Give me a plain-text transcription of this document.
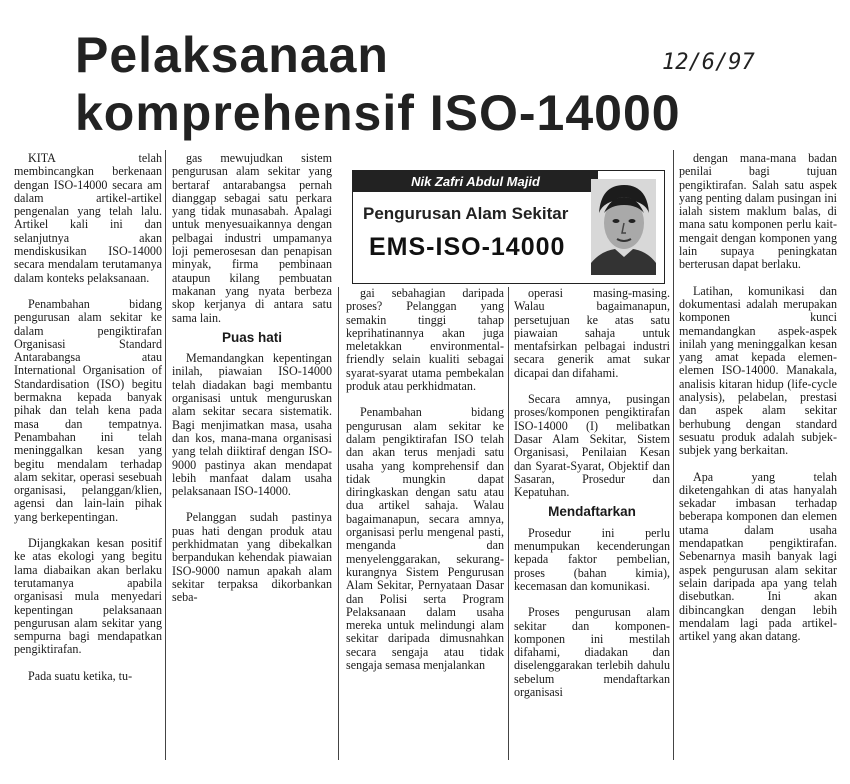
Pelaksanaan
komprehensif ISO-14000
12/6/97
Nik Zafri Abdul Majid
Pengurusan Alam Sekitar
EMS-ISO-14000

KITA telah membincangkan berkenaan dengan ISO-14000 secara am dalam artikel-artikel pengenalan yang telah lalu. Artikel kali ini dan selanjutnya akan mendiskusikan ISO-14000 secara mendalam terutamanya dalam konteks pelaksanaan.

Penambahan bidang pengurusan alam sekitar ke dalam pengiktirafan Organisasi Standard Antarabangsa atau International Organisation of Standardisation (ISO) begitu bermakna kepada banyak pihak dan telah kena pada masa dan tempatnya. Penambahan ini telah meninggalkan kesan yang begitu mendalam terhadap alam sekitar, operasi sesebuah organisasi, pelanggan/klien, agensi dan lain-lain pihak yang berkepentingan.

Dijangkakan kesan positif ke atas ekologi yang begitu lama diabaikan akan berlaku terutamanya apabila organisasi mula menyedari kepentingan pelaksanaan pengurusan alam sekitar yang sempurna bagi mendapatkan pengiktirafan.

Pada suatu ketika, tu-

gas mewujudkan sistem pengurusan alam sekitar yang bertaraf antarabangsa pernah dianggap sebagai satu perkara yang tidak munasabah. Apalagi untuk menyesuaikannya dengan pelbagai industri umpamanya loji pemerosesan dan penapisan minyak, firma pembinaan ataupun kilang pembuatan makanan yang nyata berbeza skop kerjanya di antara satu sama lain.

Puas hati

Memandangkan kepentingan inilah, piawaian ISO-14000 telah diadakan bagi membantu organisasi untuk menguruskan alam sekitar secara sistematik. Bagi menjimatkan masa, usaha dan kos, mana-mana organisasi yang telah diiktiraf dengan ISO-9000 pastinya akan mendapat lebih manfaat dalam usaha pelaksanaan ISO-14000.

Pelanggan sudah pastinya puas hati dengan produk atau perkhidmatan yang dibekalkan berpandukan kehendak piawaian ISO-9000 namun apakah alam sekitar terpaksa dikorbankan seba-

gai sebahagian daripada proses? Pelanggan yang semakin tinggi tahap keprihatinannya akan juga meletakkan environmental-friendly selain kualiti sebagai syarat-syarat utama pembekalan produk atau perkhidmatan.

Penambahan bidang pengurusan alam sekitar ke dalam pengiktirafan ISO telah dan akan terus menjadi satu usaha yang komprehensif dan tidak mungkin dapat diringkaskan dengan satu atau dua artikel sahaja. Walau bagaimanapun, secara amnya, organisasi perlu mengenal pasti, menganda dan menyelenggarakan, sekurang-kurangnya Sistem Pengurusan Alam Sekitar, Pernyataan Dasar dan Polisi serta Program Pelaksanaan dalam usaha mereka untuk melindungi alam sekitar daripada dimusnahkan secara sengaja atau tidak sengaja semasa menjalankan

operasi masing-masing. Walau bagaimanapun, persetujuan ke atas satu piawaian sahaja untuk mentafsirkan pelbagai industri secara generik amat sukar dicapai dan difahami.

Secara amnya, pusingan proses/komponen pengiktirafan ISO-14000 (I) melibatkan Dasar Alam Sekitar, Sistem Organisasi, Penilaian Kesan dan Syarat-Syarat, Objektif dan Sasaran, Prosedur dan Kepatuhan.

Mendaftarkan

Prosedur ini perlu menumpukan kecenderungan kepada faktor pembelian, proses (bahan kimia), kecemasan dan komunikasi.

Proses pengurusan alam sekitar dan komponen-komponen ini mestilah difahami, diadakan dan diselenggarakan terlebih dahulu sebelum mendaftarkan organisasi

dengan mana-mana badan penilai bagi tujuan pengiktirafan. Salah satu aspek yang penting dalam pusingan ini ialah sistem maklum balas, di mana satu komponen perlu kait-mengait dengan komponen yang lain supaya peningkatan berterusan dapat berlaku.

Latihan, komunikasi dan dokumentasi adalah merupakan komponen kunci memandangkan aspek-aspek inilah yang meninggalkan kesan yang amat kepada elemen-elemen ISO-14000. Manakala, analisis kitaran hidup (life-cycle analysis), pelabelan, prestasi dan aspek alam sekitar berhubung dengan standard sesuatu produk adalah subjek-subjek yang berkaitan.

Apa yang telah diketengahkan di atas hanyalah sekadar imbasan terhadap beberapa komponen dan elemen utama dalam usaha mendapatkan pengiktirafan. Sebenarnya masih banyak lagi aspek pengurusan alam sekitar selain daripada apa yang telah disebutkan. Ini akan dibincangkan dengan lebih mendalam lagi pada artikel-artikel yang akan datang.
